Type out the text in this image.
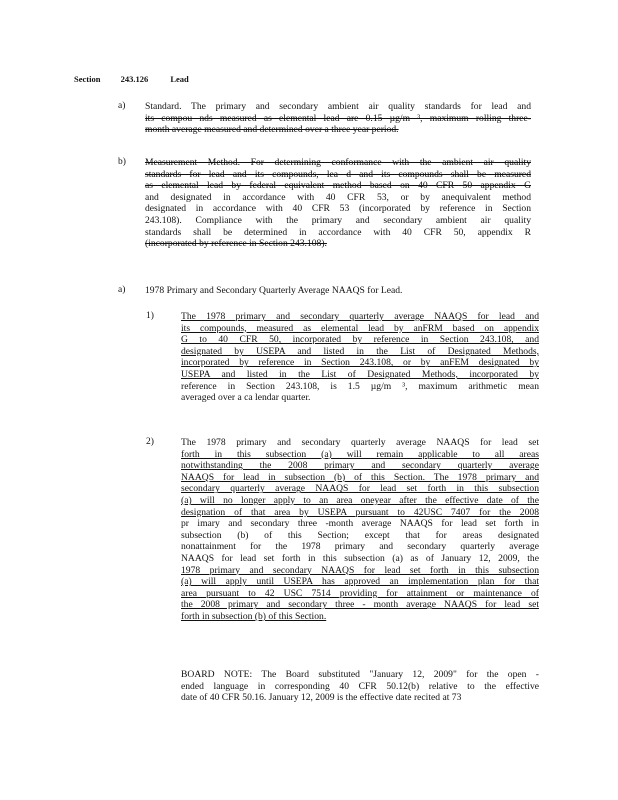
Section 243.126	Lead
a) Standard. The primary and secondary ambient air quality standards for lead and
its compou nds measured as elemental lead are 0.15 µg/m ³, maximum rolling three-
month average measured and determined over a three year period.
b) Measurement Method. For determining conformance with the ambient air quality
standards for lead and its compounds, lea d and its compounds shall be measured
as elemental lead by federal equivalent method based on 40 CFR 50 appendix G
and designated in accordance with 40 CFR 53, or by anequivalent method
designated in accordance with 40 CFR 53 (incorporated by reference in Section
243.108). Compliance with the primary and secondary ambient air quality
standards shall be determined in accordance with 40 CFR 50, appendix R
(incorporated by reference in Section 243.108).
a) 1978 Primary and Secondary Quarterly Average NAAQS for Lead.
1)	The 1978 primary and secondary quarterly average NAAQS for lead and
its compounds, measured as elemental lead by anFRM based on appendix
G to 40 CFR 50, incorporated by reference in Section 243.108, and
designated by USEPA and listed in the List of Designated Methods,
incorporated by reference in Section 243.108, or by anFEM designated by
USEPA and listed in the List of Designated Methods, incorporated by
reference in Section 243.108, is 1.5 µg/m ³, maximum arithmetic mean
averaged over a ca lendar quarter.
2)	The 1978 primary and secondary quarterly average NAAQS for lead set
forth in this subsection (a) will remain applicable to all areas
notwithstanding the 2008 primary and secondary quarterly average
NAAQS for lead in subsection (b) of this Section. The 1978 primary and
secondary quarterly average NAAQS for lead set forth in this subsection
(a) will no longer apply to an area oneyear after the effective date of the
designation of that area by USEPA pursuant to 42USC 7407 for the 2008
pr imary and secondary three -month average NAAQS for lead set forth in
subsection (b) of this Section; except that for areas designated
nonattainment for the 1978 primary and secondary quarterly average
NAAQS for lead set forth in this subsection (a) as of January 12, 2009, the
1978 primary and secondary NAAQS for lead set forth in this subsection
(a) will apply until USEPA has approved an implementation plan for that
area pursuant to 42 USC 7514 providing for attainment or maintenance of
the 2008 primary and secondary three - month average NAAQS for lead set
forth in subsection (b) of this Section.
BOARD NOTE: The Board substituted "January 12, 2009" for the open -
ended language in corresponding 40 CFR 50.12(b) relative to the effective
date of 40 CFR 50.16. January 12, 2009 is the effective date recited at 73
